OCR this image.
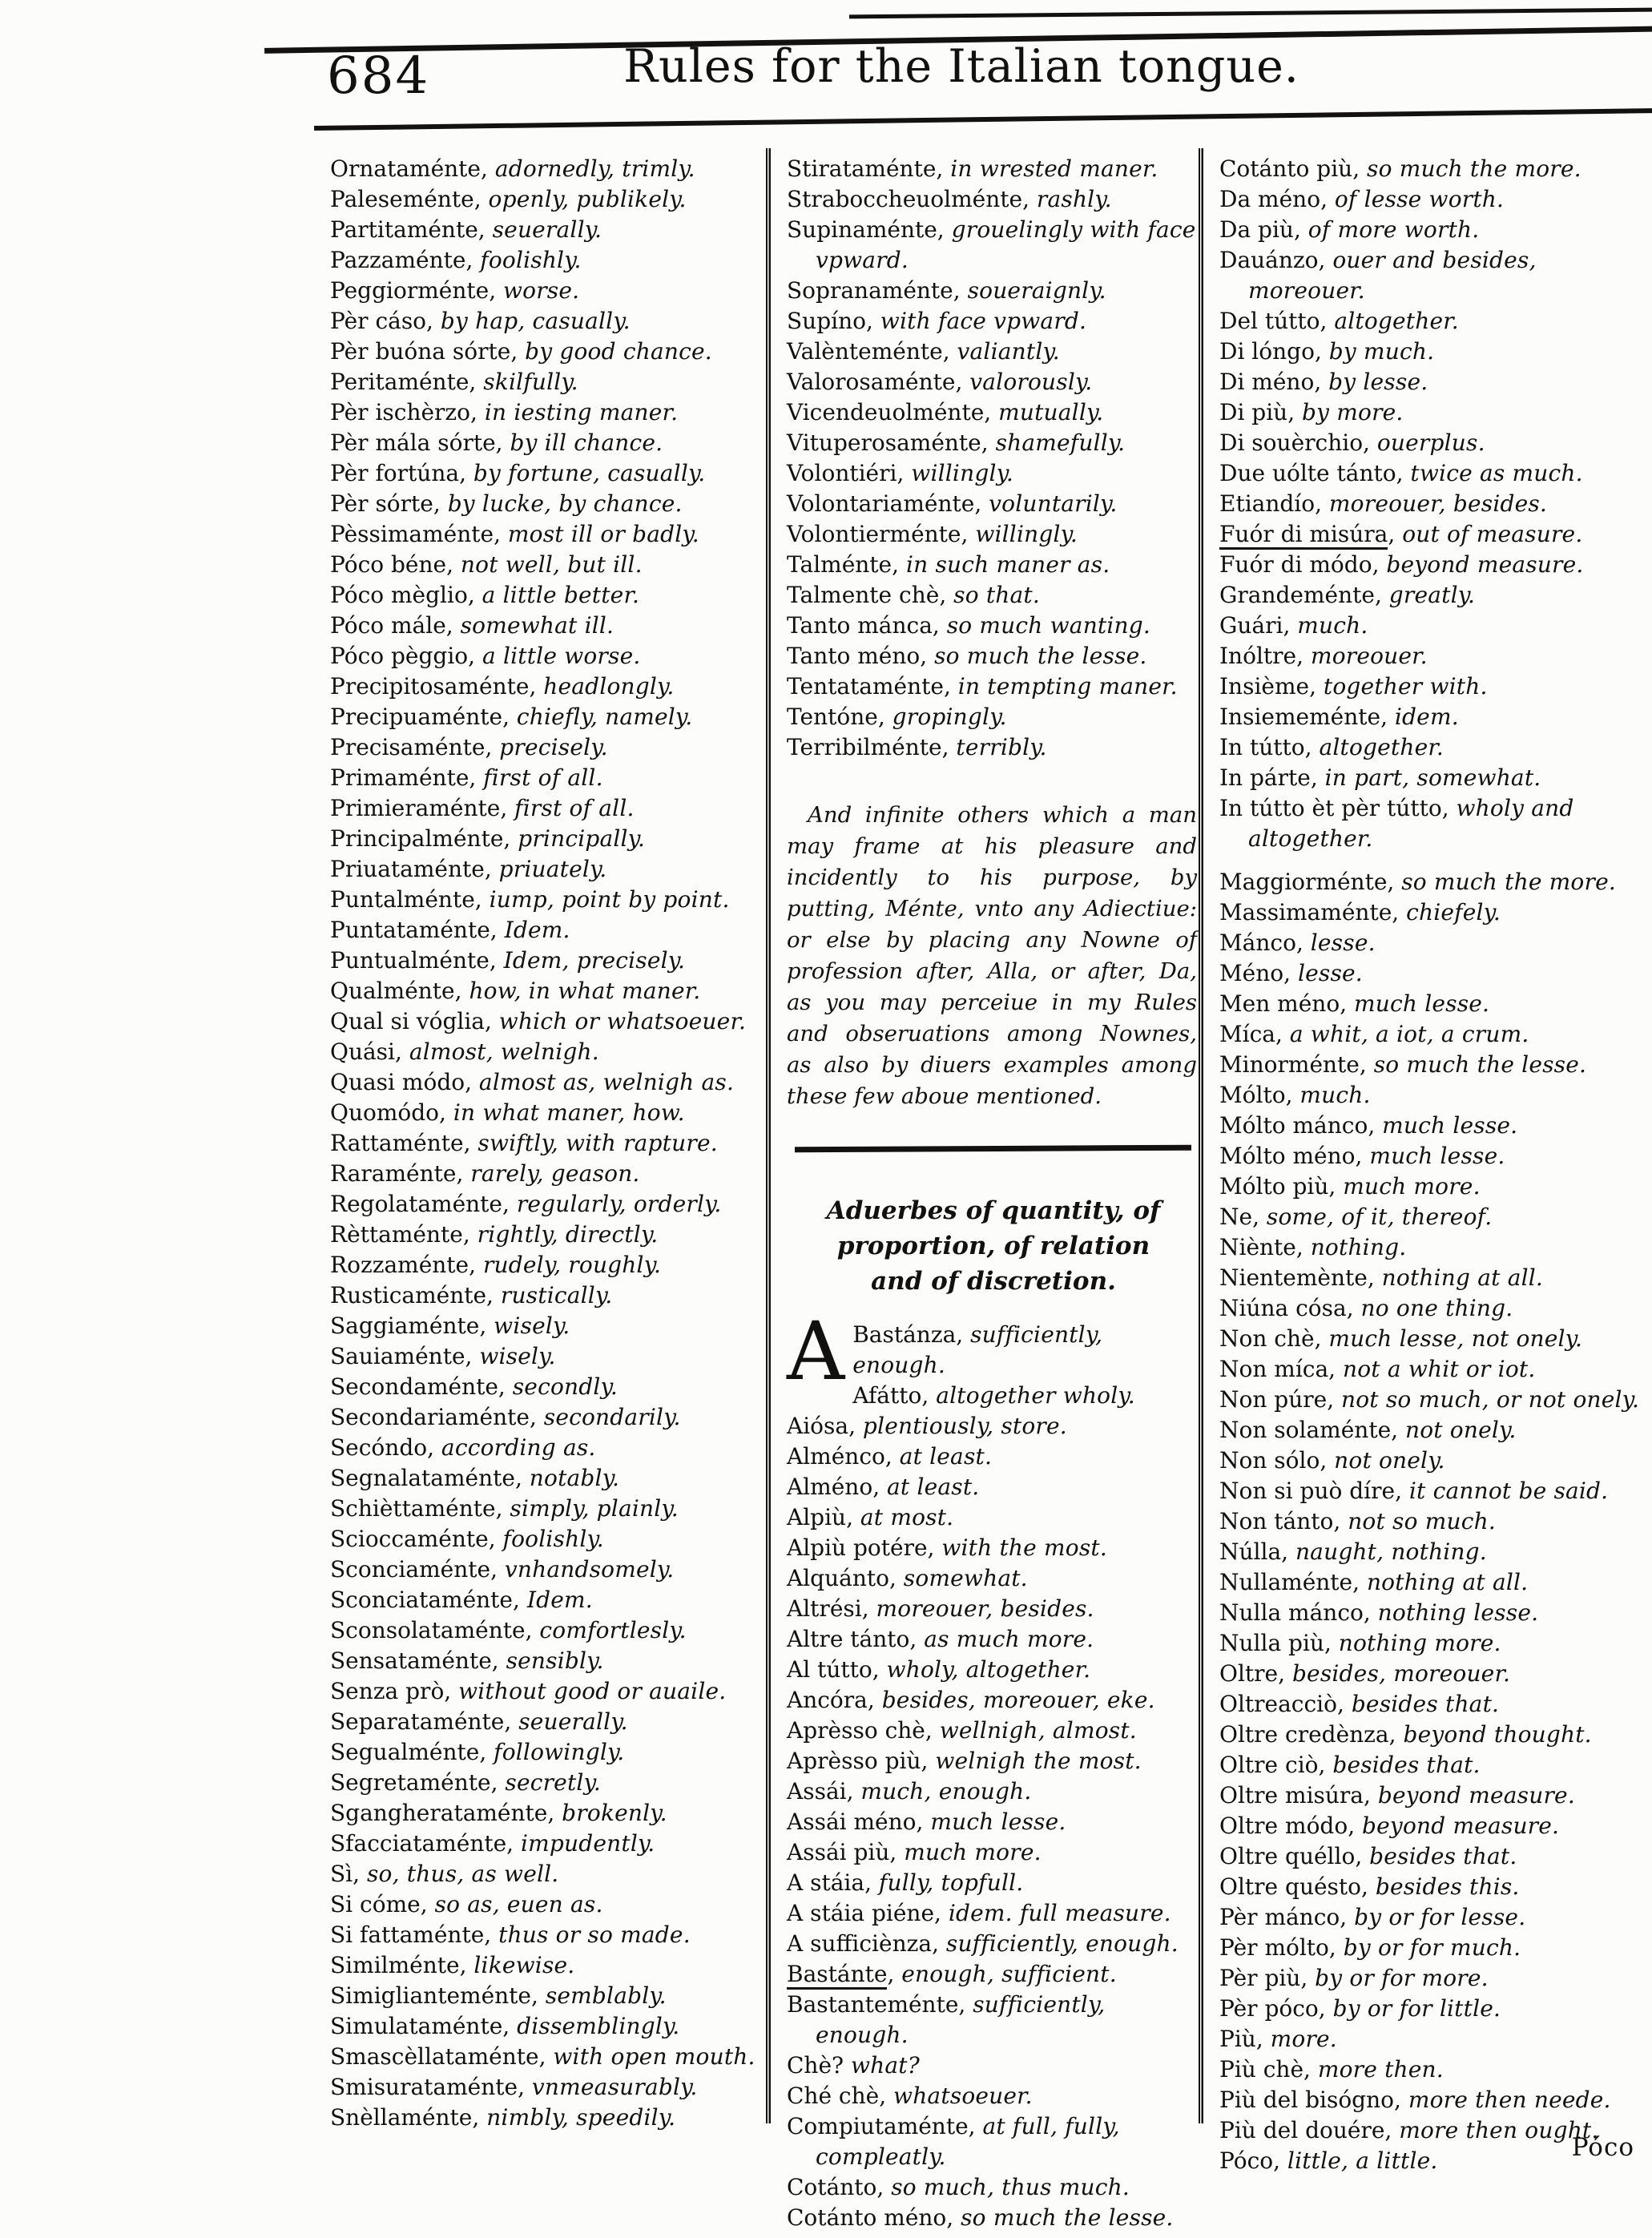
684	Rules for the Italian tongue.
Ornataménte, adornedly, trimly.
Paleseménte, openly, publikely.
Partitaménte, seuerally.
Pazzaménte, foolishly.
Peggiorménte, worse.
Pèr cáso, by hap, casually.
Pèr buóna sórte, by good chance.
Peritaménte, skilfully.
Pèr ischèrzo, in iesting maner.
Pèr mála sórte, by ill chance.
Pèr fortúna, by fortune, casually.
Pèr sórte, by lucke, by chance.
Pèssimaménte, most ill or badly.
Póco béne, not well, but ill.
Póco mèglio, a little better.
Póco mále, somewhat ill.
Póco pèggio, a little worse.
Precipitosaménte, headlongly.
Precipuaménte, chiefly, namely.
Precisaménte, precisely.
Primaménte, first of all.
Primieraménte, first of all.
Principalménte, principally.
Priuataménte, priuately.
Puntalménte, iump, point by point.
Puntataménte, Idem.
Puntualménte, Idem, precisely.
Qualménte, how, in what maner.
Qual si vóglia, which or whatsoeuer.
Quási, almost, welnigh.
Quasi módo, almost as, welnigh as.
Quomódo, in what maner, how.
Rattaménte, swiftly, with rapture.
Raraménte, rarely, geason.
Regolataménte, regularly, orderly.
Rèttaménte, rightly, directly.
Rozzaménte, rudely, roughly.
Rusticaménte, rustically.
Saggiaménte, wisely.
Sauiaménte, wisely.
Secondaménte, secondly.
Secondariaménte, secondarily.
Secóndo, according as.
Segnalataménte, notably.
Schièttaménte, simply, plainly.
Scioccaménte, foolishly.
Sconciaménte, vnhandsomely.
Sconciataménte, Idem.
Sconsolataménte, comfortlesly.
Sensataménte, sensibly.
Senza prò, without good or auaile.
Separataménte, seuerally.
Segualménte, followingly.
Segretaménte, secretly.
Sgangherataménte, brokenly.
Sfacciataménte, impudently.
Sì, so, thus, as well.
Si cóme, so as, euen as.
Si fattaménte, thus or so made.
Similménte, likewise.
Simiglianteménte, semblably.
Simulataménte, dissemblingly.
Smascèllataménte, with open mouth.
Smisurataménte, vnmeasurably.
Snèllaménte, nimbly, speedily.
Stirataménte, in wrested maner.
Straboccheuolménte, rashly.
Supinaménte, grouelingly with face vpward.
Sopranaménte, soueraignly.
Supíno, with face vpward.
Valènteménte, valiantly.
Valorosaménte, valorously.
Vicendeuolménte, mutually.
Vituperosaménte, shamefully.
Volontiéri, willingly.
Volontariaménte, voluntarily.
Volontierménte, willingly.
Talménte, in such maner as.
Talmente chè, so that.
Tanto mánca, so much wanting.
Tanto méno, so much the lesse.
Tentataménte, in tempting maner.
Tentóne, gropingly.
Terribilménte, terribly.
And infinite others which a man may frame at his pleasure and incidently to his purpose, by putting, Ménte, vnto any Adiectiue: or else by placing any Nowne of profession after, Alla, or after, Da, as you may perceiue in my Rules and obseruations among Nownes, as also by diuers examples among these few aboue mentioned.
Aduerbes of quantity, of proportion, of relation and of discretion.
A Bastánza, sufficiently, enough.
Afátto, altogether wholy.
Aiósa, plentiously, store.
Alménco, at least.
Alméno, at least.
Alpiù, at most.
Alpiù potére, with the most.
Alquánto, somewhat.
Altrési, moreouer, besides.
Altre tánto, as much more.
Al tútto, wholy, altogether.
Ancóra, besides, moreouer, eke.
Aprèsso chè, wellnigh, almost.
Aprèsso più, welnigh the most.
Assái, much, enough.
Assái méno, much lesse.
Assái più, much more.
A stáia, fully, topfull.
A stáia piéne, idem. full measure.
A sufficiènza, sufficiently, enough.
Bastánte, enough, sufficient.
Bastanteménte, sufficiently, enough.
Chè? what?
Ché chè, whatsoeuer.
Compiutaménte, at full, fully, compleatly.
Cotánto, so much, thus much.
Cotánto méno, so much the lesse.
Cotánto più, so much the more.
Da méno, of lesse worth.
Da più, of more worth.
Dauánzo, ouer and besides, moreouer.
Del tútto, altogether.
Di lóngo, by much.
Di méno, by lesse.
Di più, by more.
Di souèrchio, ouerplus.
Due uólte tánto, twice as much.
Etiandío, moreouer, besides.
Fuór di misúra, out of measure.
Fuór di módo, beyond measure.
Grandeménte, greatly.
Guári, much.
Inóltre, moreouer.
Insième, together with.
Insiememénte, idem.
In tútto, altogether.
In párte, in part, somewhat.
In tútto èt pèr tútto, wholy and altogether.
Maggiorménte, so much the more.
Massimaménte, chiefely.
Mánco, lesse.
Méno, lesse.
Men méno, much lesse.
Míca, a whit, a iot, a crum.
Minorménte, so much the lesse.
Mólto, much.
Mólto mánco, much lesse.
Mólto méno, much lesse.
Mólto più, much more.
Ne, some, of it, thereof.
Niènte, nothing.
Nientemènte, nothing at all.
Niúna cósa, no one thing.
Non chè, much lesse, not onely.
Non míca, not a whit or iot.
Non púre, not so much, or not onely.
Non solaménte, not onely.
Non sólo, not onely.
Non si può díre, it cannot be said.
Non tánto, not so much.
Núlla, naught, nothing.
Nullaménte, nothing at all.
Nulla mánco, nothing lesse.
Nulla più, nothing more.
Oltre, besides, moreouer.
Oltreacciò, besides that.
Oltre credènza, beyond thought.
Oltre ciò, besides that.
Oltre misúra, beyond measure.
Oltre módo, beyond measure.
Oltre quéllo, besides that.
Oltre quésto, besides this.
Pèr mánco, by or for lesse.
Pèr mólto, by or for much.
Pèr più, by or for more.
Pèr póco, by or for little.
Più, more.
Più chè, more then.
Più del bisógno, more then neede.
Più del douére, more then ought.
Póco, little, a little.	Póco
